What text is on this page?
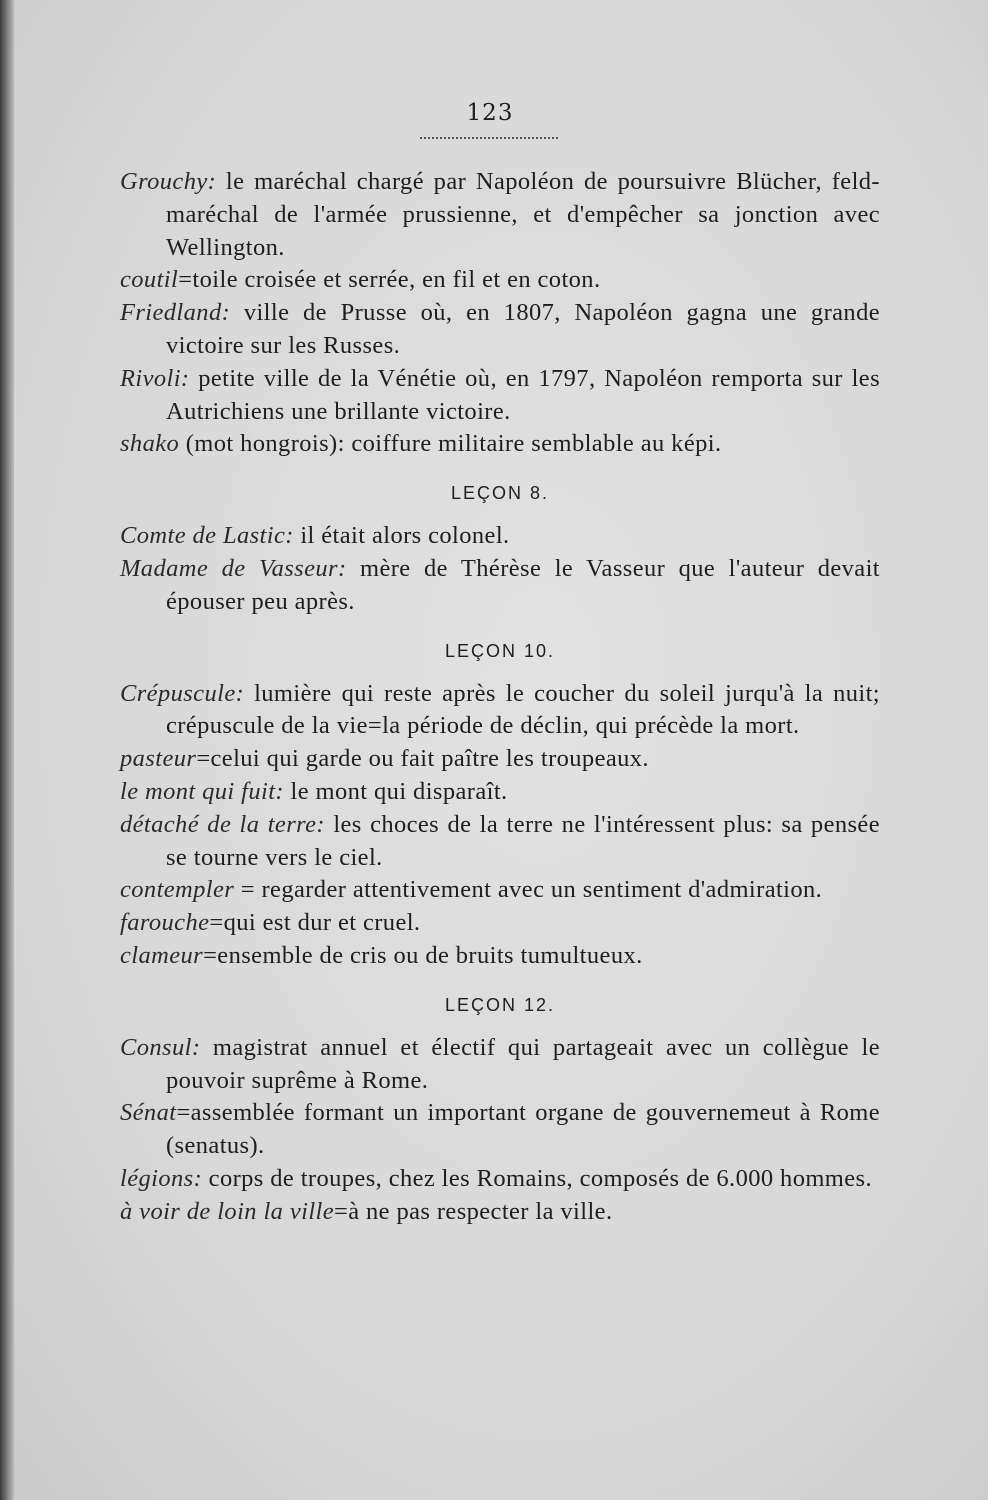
123

Grouchy: le maréchal chargé par Napoléon de poursuivre Blücher, feld-maréchal de l'armée prussienne, et d'empêcher sa jonction avec Wellington.

coutil=toile croisée et serrée, en fil et en coton.

Friedland: ville de Prusse où, en 1807, Napoléon gagna une grande victoire sur les Russes.

Rivoli: petite ville de la Vénétie où, en 1797, Napoléon remporta sur les Autrichiens une brillante victoire.

shako (mot hongrois): coiffure militaire semblable au képi.

LEÇON 8.

Comte de Lastic: il était alors colonel.

Madame de Vasseur: mère de Thérèse le Vasseur que l'auteur devait épouser peu après.

LEÇON 10.

Crépuscule: lumière qui reste après le coucher du soleil jurqu'à la nuit; crépuscule de la vie=la période de déclin, qui précède la mort.

pasteur=celui qui garde ou fait paître les troupeaux.

le mont qui fuit: le mont qui disparaît.

détaché de la terre: les choces de la terre ne l'intéressent plus: sa pensée se tourne vers le ciel.

contempler = regarder attentivement avec un sentiment d'admiration.

farouche=qui est dur et cruel.

clameur=ensemble de cris ou de bruits tumultueux.

LEÇON 12.

Consul: magistrat annuel et électif qui partageait avec un collègue le pouvoir suprême à Rome.

Sénat=assemblée formant un important organe de gouvernemeut à Rome (senatus).

légions: corps de troupes, chez les Romains, composés de 6.000 hommes.

à voir de loin la ville=à ne pas respecter la ville.
